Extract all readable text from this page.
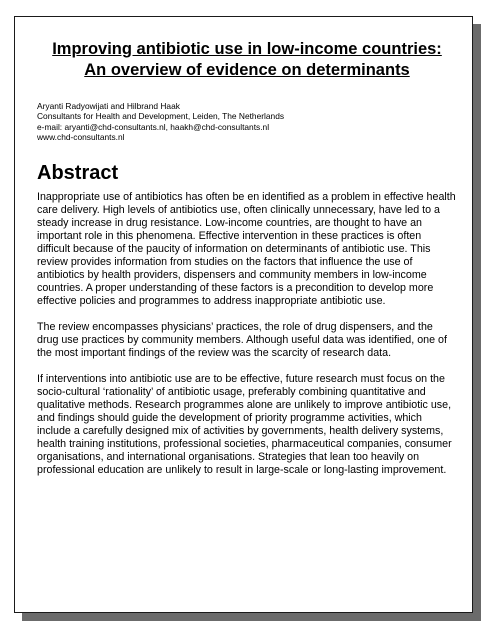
Improving antibiotic use in low-income countries:
An overview of evidence on determinants
Aryanti Radyowijati and Hilbrand Haak
Consultants for Health and Development, Leiden, The Netherlands
e-mail: aryanti@chd-consultants.nl, haakh@chd-consultants.nl
www.chd-consultants.nl
Abstract

Inappropriate use of antibiotics has often be en identified as a problem in effective health care delivery. High levels of antibiotics use, often clinically unnecessary, have led to a steady increase in drug resistance. Low-income countries, are thought to have an important role in this phenomena. Effective intervention in these practices is often difficult because of the paucity of information on determinants of antibiotic use. This review provides information from studies on the factors that influence the use of antibiotics by health providers, dispensers and community members in low-income countries. A proper understanding of these factors is a precondition to develop more effective policies and programmes to address inappropriate antibiotic use.

The review encompasses physicians’ practices, the role of drug dispensers, and the drug use practices by community members. Although useful data was identified, one of the most important findings of the review was the scarcity of research data.

If interventions into antibiotic use are to be effective, future research must focus on the socio-cultural ‘rationality’ of antibiotic usage, preferably combining quantitative and qualitative methods. Research programmes alone are unlikely to improve antibiotic use, and findings should guide the development of priority programme activities, which include a carefully designed mix of activities by governments, health delivery systems, health training institutions, professional societies, pharmaceutical companies, consumer organisations, and international organisations. Strategies that lean too heavily on professional education are unlikely to result in large-scale or long-lasting improvement.
